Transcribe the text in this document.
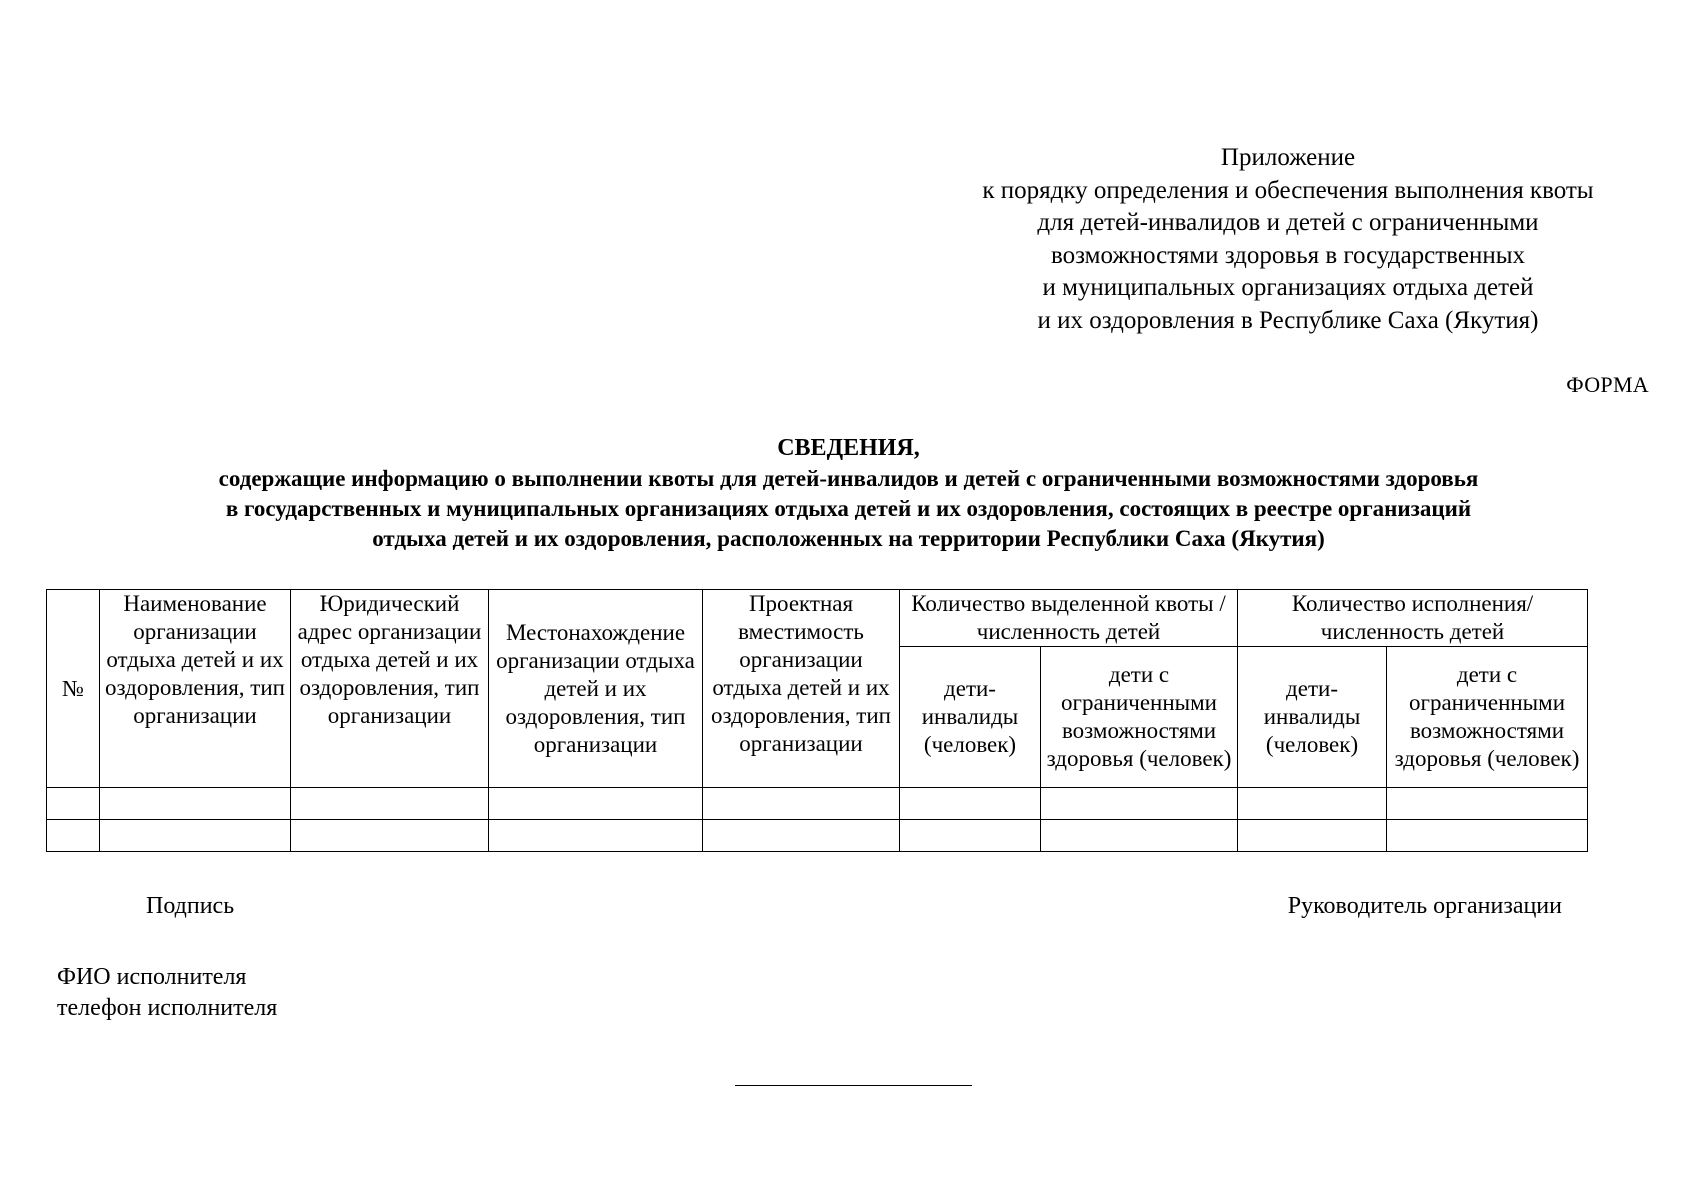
Приложение
к порядку определения и обеспечения выполнения квоты
для детей-инвалидов и детей с ограниченными
возможностями здоровья в государственных
и муниципальных организациях отдыха детей
и их оздоровления в Республике Саха (Якутия)
ФОРМА
СВЕДЕНИЯ,
содержащие информацию о выполнении квоты для детей-инвалидов и детей с ограниченными возможностями здоровья
в государственных и муниципальных организациях отдыха детей и их оздоровления, состоящих в реестре организаций
отдыха детей и их оздоровления, расположенных на территории Республики Саха (Якутия)
№	Наименование организации отдыха детей и их оздоровления, тип организации	Юридический адрес организации отдыха детей и их оздоровления, тип организации	Местонахождение организации отдыха детей и их оздоровления, тип организации	Проектная вместимость организации отдыха детей и их оздоровления, тип организации	Количество выделенной квоты /численность детей		Количество исполнения/численность детей	
					дети-инвалиды (человек)	дети с ограниченными возможностями здоровья (человек)	дети-инвалиды (человек)	дети с ограниченными возможностями здоровья (человек)

Подпись	Руководитель организации
ФИО исполнителя
телефон исполнителя
